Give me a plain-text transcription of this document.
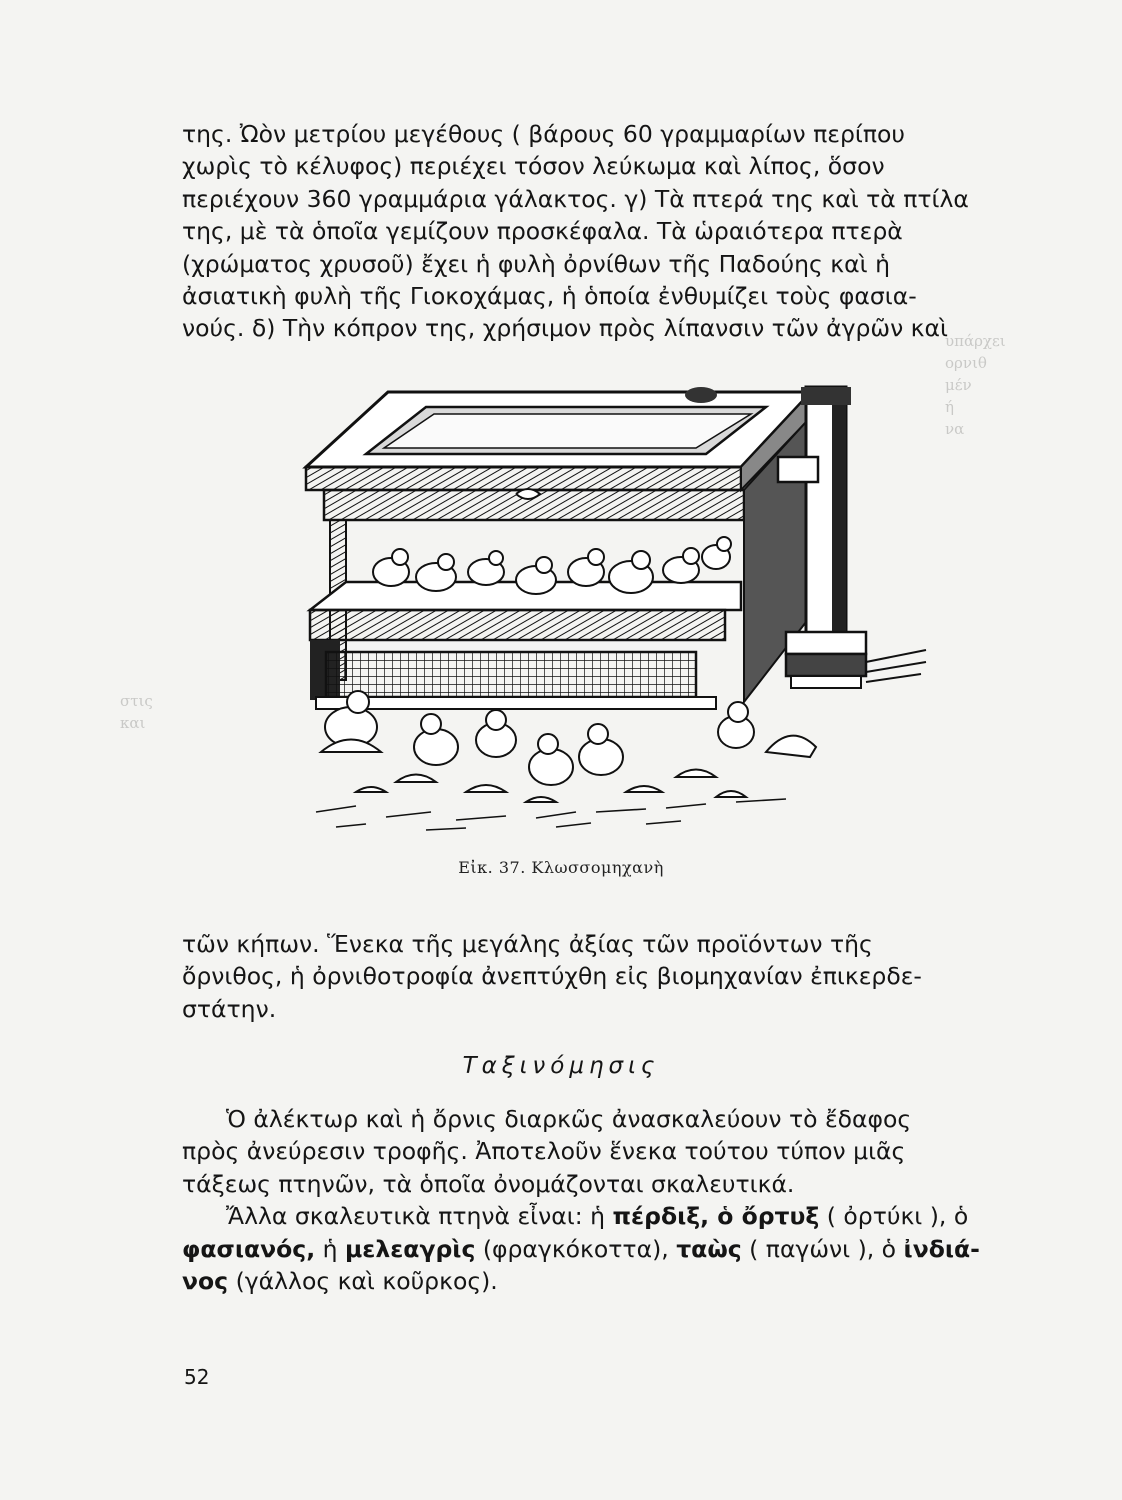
υπάρχει
ορνιθ
μέν
ή
να
στις
και
της. Ὠὸν μετρίου μεγέθους ( βάρους 60 γραμμαρίων περίπου
χωρὶς τὸ κέλυφος) περιέχει τόσον λεύκωμα καὶ λίπος, ὅσον
περιέχουν 360 γραμμάρια γάλακτος. γ) Τὰ πτερά της καὶ τὰ πτίλα
της, μὲ τὰ ὁποῖα γεμίζουν προσκέφαλα. Τὰ ὡραιότερα πτερὰ
(χρώματος χρυσοῦ) ἔχει ἡ φυλὴ ὀρνίθων τῆς Παδούης καὶ ἡ
ἀσιατικὴ φυλὴ τῆς Γιοκοχάμας, ἡ ὁποία ἐνθυμίζει τοὺς φασια-
νούς. δ) Τὴν κόπρον της, χρήσιμον πρὸς λίπανσιν τῶν ἀγρῶν καὶ
Εἰκ. 37. Κλωσσομηχανὴ
τῶν κήπων. Ἕνεκα τῆς μεγάλης ἀξίας τῶν προϊόντων τῆς
ὄρνιθος, ἡ ὀρνιθοτροφία ἀνεπτύχθη εἰς βιομηχανίαν ἐπικερδε-
στάτην.
Ταξινόμησις
Ὁ ἀλέκτωρ καὶ ἡ ὄρνις διαρκῶς ἀνασκαλεύουν τὸ ἔδαφος
πρὸς ἀνεύρεσιν τροφῆς. Ἀποτελοῦν ἕνεκα τούτου τύπον μιᾶς
τάξεως πτηνῶν, τὰ ὁποῖα ὀνομάζονται σκαλευτικά.
Ἄλλα σκαλευτικὰ πτηνὰ εἶναι: ἡ πέρδιξ, ὁ ὄρτυξ ( ὀρτύκι ), ὁ
φασιανός, ἡ μελεαγρὶς (φραγκόκοττα), ταὼς ( παγώνι ), ὁ ἰνδιά-
νος (γάλλος καὶ κοῦρκος).
52
